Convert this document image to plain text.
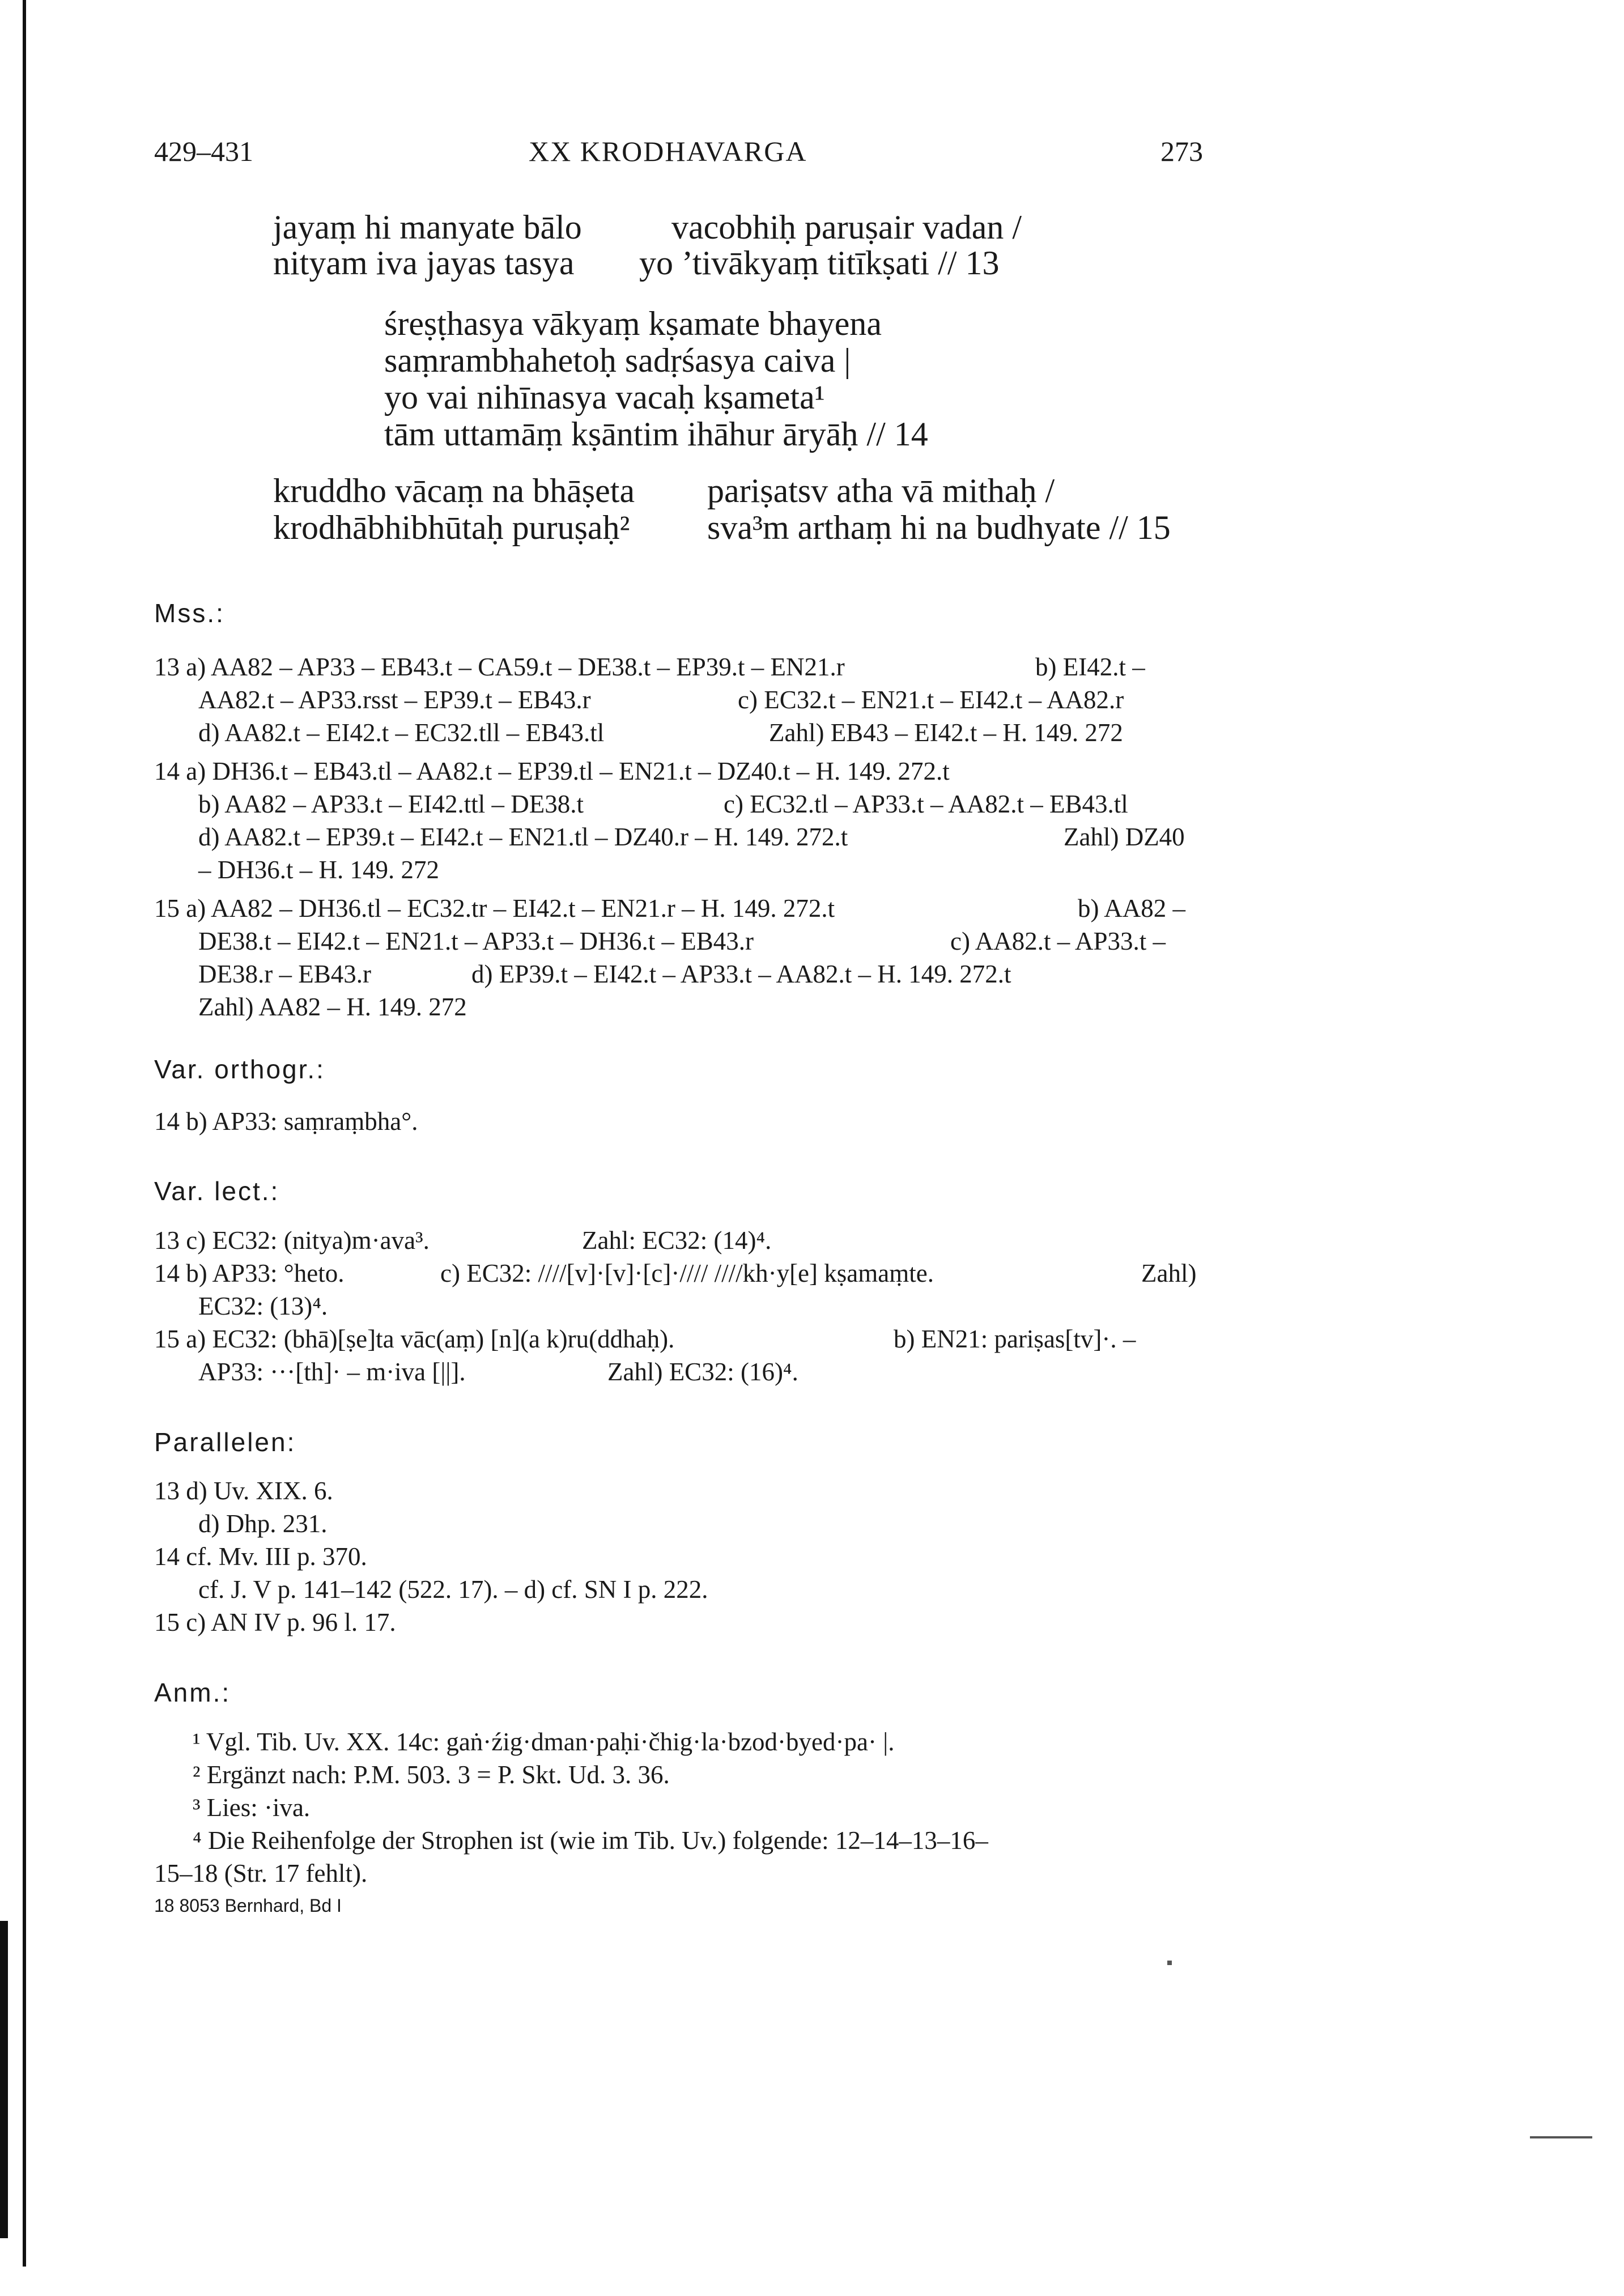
429–431	XX KRODHAVARGA	273
jayaṃ hi manyate bālo	vacobhiḥ paruṣair vadan /
nityam iva jayas tasya yo ’tivākyaṃ titīkṣati // 13
śreṣṭhasya vākyaṃ kṣamate bhayena
saṃrambhahetoḥ sadṛśasya caiva |
yo vai nihīnasya vacaḥ kṣameta¹
tām uttamāṃ kṣāntim ihāhur āryāḥ // 14
kruddho vācaṃ na bhāṣeta pariṣatsv atha vā mithaḥ /
krodhābhibhūtaḥ puruṣaḥ² sva³m arthaṃ hi na budhyate // 15
Mss.:
13 a) AA82 – AP33 – EB43.t – CA59.t – DE38.t – EP39.t – EN21.r	b) EI42.t –
AA82.t – AP33.rsst – EP39.t – EB43.r	c) EC32.t – EN21.t – EI42.t – AA82.r
d) AA82.t – EI42.t – EC32.tll – EB43.tl	Zahl) EB43 – EI42.t – H. 149. 272
14 a) DH36.t – EB43.tl – AA82.t – EP39.tl – EN21.t – DZ40.t – H. 149. 272.t
b) AA82 – AP33.t – EI42.ttl – DE38.t	c) EC32.tl – AP33.t – AA82.t – EB43.tl
d) AA82.t – EP39.t – EI42.t – EN21.tl – DZ40.r – H. 149. 272.t	Zahl) DZ40
– DH36.t – H. 149. 272
15 a) AA82 – DH36.tl – EC32.tr – EI42.t – EN21.r – H. 149. 272.t	b) AA82 –
DE38.t – EI42.t – EN21.t – AP33.t – DH36.t – EB43.r	c) AA82.t – AP33.t –
DE38.r – EB43.r	d) EP39.t – EI42.t – AP33.t – AA82.t – H. 149. 272.t
Zahl) AA82 – H. 149. 272
Var. orthogr.:
14 b) AP33: saṃraṃbha°.
Var. lect.:
13 c) EC32: (nitya)m·ava³.	Zahl: EC32: (14)⁴.
14 b) AP33: °heto.	c) EC32: ////[v]·[v]·[c]·//// ////kh·y[e] kṣamaṃte.	Zahl)
EC32: (13)⁴.
15 a) EC32: (bhā)[ṣe]ta vāc(aṃ) [n](a k)ru(ddhaḥ).	b) EN21: pariṣas[tv]·. –
AP33: ···[th]· – m·iva [||].	Zahl) EC32: (16)⁴.
Parallelen:
13 d) Uv. XIX. 6.
d) Dhp. 231.
14 cf. Mv. III p. 370.
cf. J. V p. 141–142 (522. 17). – d) cf. SN I p. 222.
15 c) AN IV p. 96 l. 17.
Anm.:
¹ Vgl. Tib. Uv. XX. 14c: gaṅ·źig·dman·paḥi·čhig·la·bzod·byed·pa· |.
² Ergänzt nach: P.M. 503. 3 = P. Skt. Ud. 3. 36.
³ Lies: ·iva.
⁴ Die Reihenfolge der Strophen ist (wie im Tib. Uv.) folgende: 12–14–13–16–
15–18 (Str. 17 fehlt).
18 8053 Bernhard, Bd I
